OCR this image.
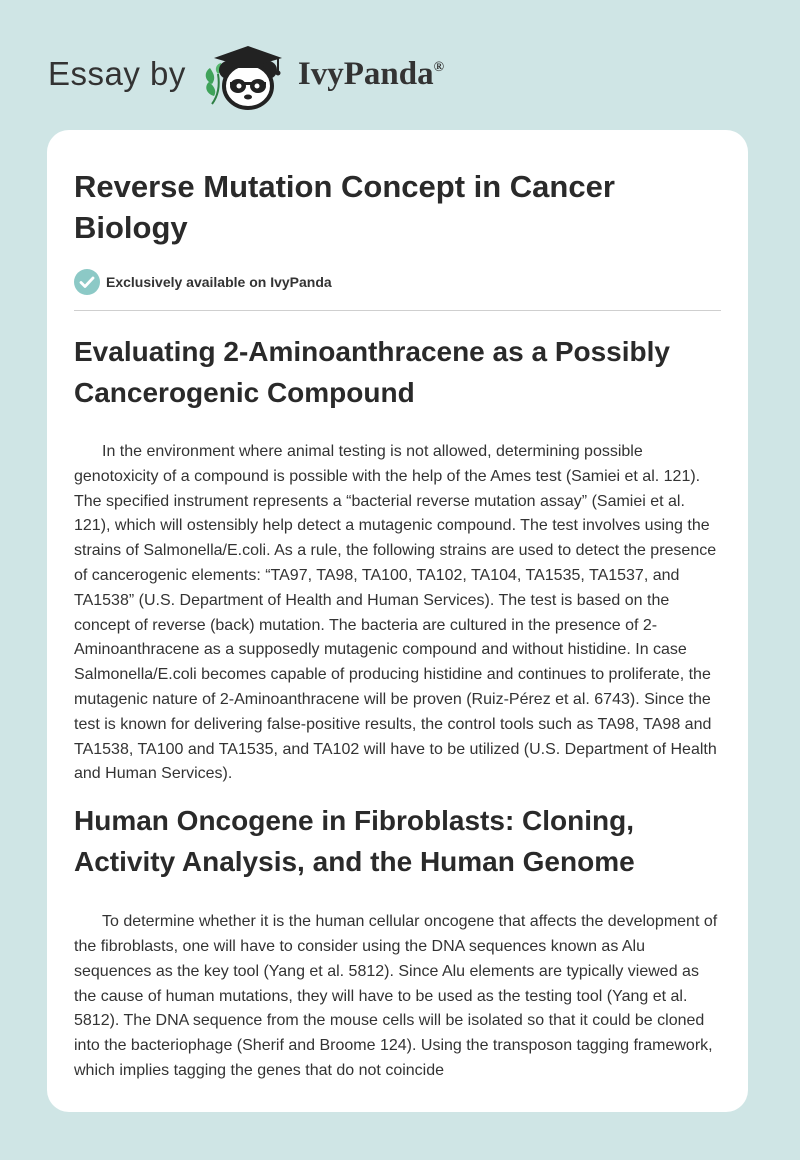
Essay by	IvyPanda®
Reverse Mutation Concept in Cancer Biology
Exclusively available on IvyPanda
Evaluating 2-Aminoanthracene as a Possibly Cancerogenic Compound

In the environment where animal testing is not allowed, determining possible genotoxicity of a compound is possible with the help of the Ames test (Samiei et al. 121). The specified instrument represents a “bacterial reverse mutation assay” (Samiei et al. 121), which will ostensibly help detect a mutagenic compound. The test involves using the strains of Salmonella/E.coli. As a rule, the following strains are used to detect the presence of cancerogenic elements: “TA97, TA98, TA100, TA102, TA104, TA1535, TA1537, and TA1538” (U.S. Department of Health and Human Services). The test is based on the concept of reverse (back) mutation. The bacteria are cultured in the presence of 2-Aminoanthracene as a supposedly mutagenic compound and without histidine. In case Salmonella/E.coli becomes capable of producing histidine and continues to proliferate, the mutagenic nature of 2-Aminoanthracene will be proven (Ruiz-Pérez et al. 6743). Since the test is known for delivering false-positive results, the control tools such as TA98, TA98 and TA1538, TA100 and TA1535, and TA102 will have to be utilized (U.S. Department of Health and Human Services).

Human Oncogene in Fibroblasts: Cloning, Activity Analysis, and the Human Genome

To determine whether it is the human cellular oncogene that affects the development of the fibroblasts, one will have to consider using the DNA sequences known as Alu sequences as the key tool (Yang et al. 5812). Since Alu elements are typically viewed as the cause of human mutations, they will have to be used as the testing tool (Yang et al. 5812). The DNA sequence from the mouse cells will be isolated so that it could be cloned into the bacteriophage (Sherif and Broome 124). Using the transposon tagging framework, which implies tagging the genes that do not coincide
